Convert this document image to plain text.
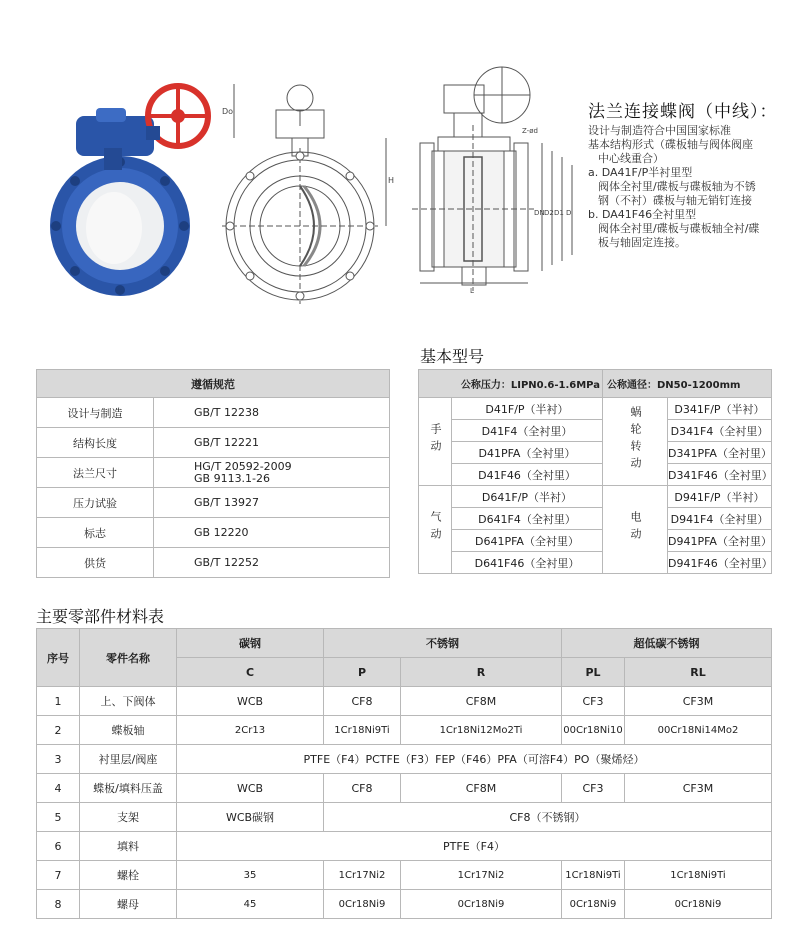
Do
H
Z-ød
DN D2 D1 D
L
法兰连接蝶阀（中线）：

设计与制造符合中国国家标准

基本结构形式（碟板轴与阀体阀座

中心线重合）

a. DA41F/P半衬里型

阀体全衬里/碟板与碟板轴为不锈

钢（不衬）碟板与轴无销钉连接

b. DA41F46全衬里型

阀体全衬里/碟板与碟板轴全衬/碟

板与轴固定连接。

基本型号
遵循规范	
设计与制造	GB/T 12238
结构长度	GB/T 12221
法兰尺寸	HG/T 20592-2009
GB 9113.1-26
压力试验	GB/T 13927
标志	GB 12220
供货	GB/T 12252
公称压力：LIPN0.6-1.6MPa		公称通径：DN50-1200mm	
手动	D41F/P（半衬）	蜗轮转动	D341F/P（半衬）
	D41F4（全衬里）		D341F4（全衬里）
	D41PFA（全衬里）		D341PFA（全衬里）
	D41F46（全衬里）		D341F46（全衬里）
气动	D641F/P（半衬）	电动	D941F/P（半衬）
	D641F4（全衬里）		D941F4（全衬里）
	D641PFA（全衬里）		D941PFA（全衬里）
	D641F46（全衬里）		D941F46（全衬里）
主要零部件材料表
序号	零件名称	碳钢	不锈钢		超低碳不锈钢	
		C	P	R	PL	RL
1	上、下阀体	WCB	CF8	CF8M	CF3	CF3M
2	蝶板轴	2Cr13	1Cr18Ni9Ti	1Cr18Ni12Mo2Ti	00Cr18Ni10	00Cr18Ni14Mo2
3	衬里层/阀座	PTFE（F4）PCTFE（F3）FEP（F46）PFA（可溶F4）PO（聚烯烃）				
4	蝶板/填料压盖	WCB	CF8	CF8M	CF3	CF3M
5	支架	WCB碳钢	CF8（不锈钢）			
6	填料	PTFE（F4）				
7	螺栓	35	1Cr17Ni2	1Cr17Ni2	1Cr18Ni9Ti	1Cr18Ni9Ti
8	螺母	45	0Cr18Ni9	0Cr18Ni9	0Cr18Ni9	0Cr18Ni9
